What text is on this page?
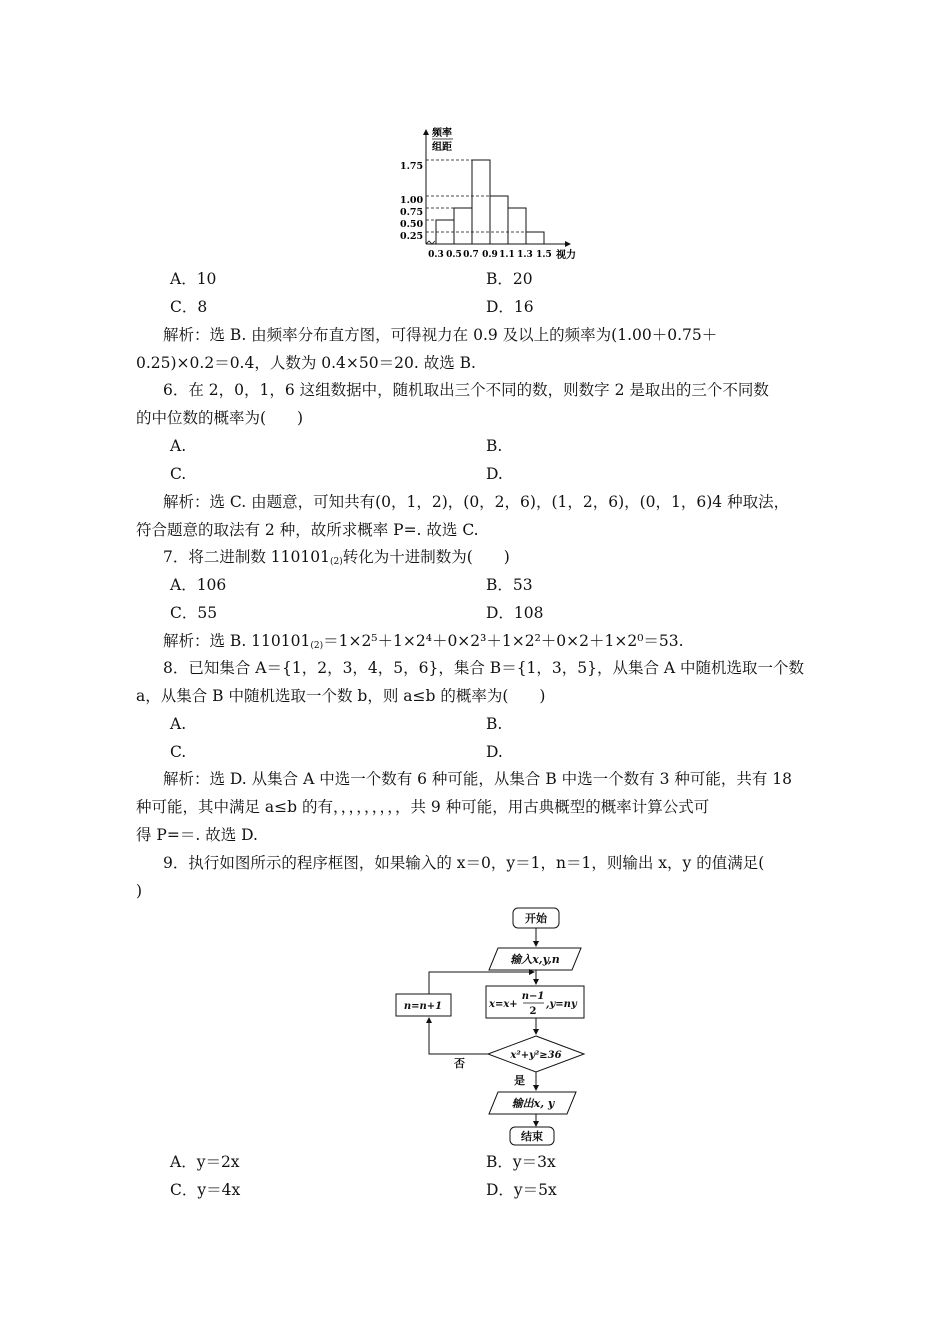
频率
组距
1.75
1.00
0.75
0.50
0.25
0.3 0.5 0.7 0.9 1.1 1.3 1.5 视力
A．10	B．20
C．8	D．16
解析：选 B. 由频率分布直方图，可得视力在 0.9 及以上的频率为(1.00＋0.75＋
0.25)×0.2＝0.4，人数为 0.4×50＝20. 故选 B.
6．在 2，0，1，6 这组数据中，随机取出三个不同的数，则数字 2 是取出的三个不同数
的中位数的概率为(　　)
A.	B.
C.	D.
解析：选 C. 由题意，可知共有(0，1，2)，(0，2，6)，(1，2，6)，(0，1，6)4 种取法，
符合题意的取法有 2 种，故所求概率 P=. 故选 C.
7．将二进制数 $110101_{(2)}$转化为十进制数为(　　)
A．106	B．53
C．55	D．108
解析：选 B. $110101_{(2)}=1\times 2^5+1\times 2^4+0\times 2^3+1\times 2^2+0\times 2+1\times 2^0=53$.
8．已知集合 A＝{1，2，3，4，5，6}，集合 B＝{1，3，5}，从集合 A 中随机选取一个数
a，从集合 B 中随机选取一个数 b，则 a≤b 的概率为(　　)
A.	B.
C.	D.
解析：选 D. 从集合 A 中选一个数有 6 种可能，从集合 B 中选一个数有 3 种可能，共有 18
种可能，其中满足 a≤b 的有，，，，，，，，，共 9 种可能，用古典概型的概率计算公式可
得 P=＝. 故选 D.
9．执行如图所示的程序框图，如果输入的 x＝0，y＝1，n＝1，则输出 x，y 的值满足(
)
开始
输入x,y,n
x=x+
n−1
2
,y=ny
n=n+1
x²+y²≥36
否
是
输出x, y
结束
A．y＝2x	B．y＝3x
C．y＝4x	D．y＝5x
